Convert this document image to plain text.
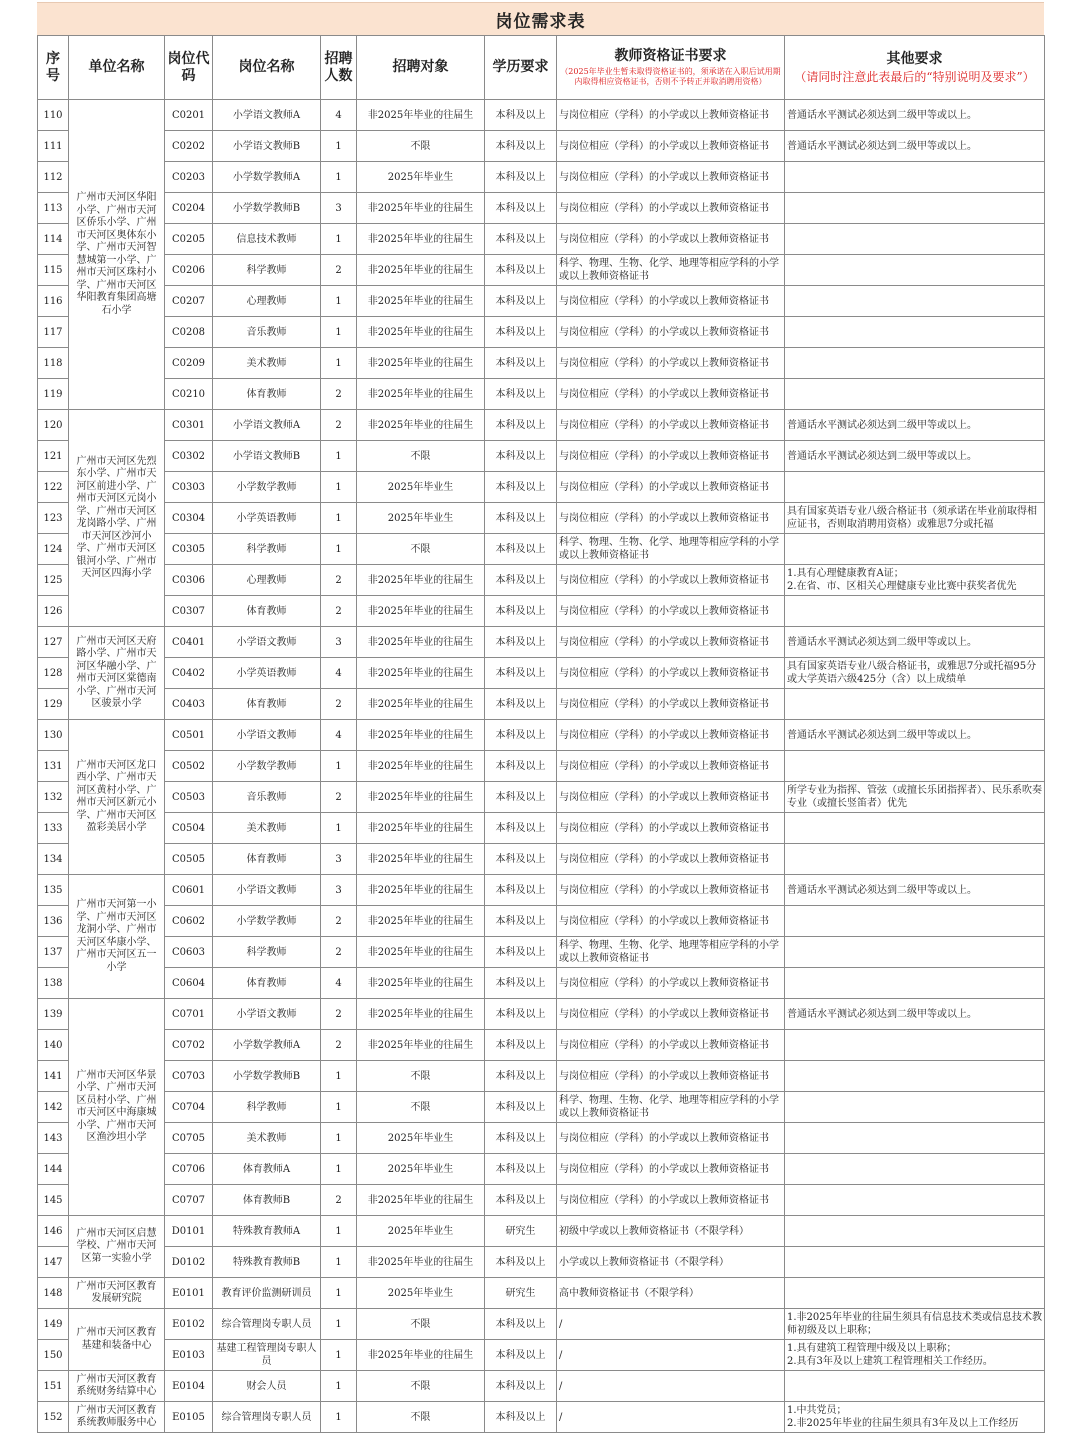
岗位需求表
序号	单位名称	岗位代码	岗位名称	招聘人数	招聘对象	学历要求	教师资格证书要求
（2025年毕业生暂未取得资格证书的，须承诺在入职后试用期内取得相应资格证书，否则不予转正并取消聘用资格）	其他要求
（请同时注意此表最后的“特别说明及要求”）

110	广州市天河区华阳小学、广州市天河区侨乐小学、广州市天河区奥体东小学、广州市天河智慧城第一小学、广州市天河区珠村小学、广州市天河区华阳教育集团高塘石小学	C0201	小学语文教师A	4	非2025年毕业的往届生	本科及以上	与岗位相应（学科）的小学或以上教师资格证书	普通话水平测试必须达到二级甲等或以上。
111		C0202	小学语文教师B	1	不限	本科及以上	与岗位相应（学科）的小学或以上教师资格证书	普通话水平测试必须达到二级甲等或以上。
112		C0203	小学数学教师A	1	2025年毕业生	本科及以上	与岗位相应（学科）的小学或以上教师资格证书	
113		C0204	小学数学教师B	3	非2025年毕业的往届生	本科及以上	与岗位相应（学科）的小学或以上教师资格证书	
114		C0205	信息技术教师	1	非2025年毕业的往届生	本科及以上	与岗位相应（学科）的小学或以上教师资格证书	
115		C0206	科学教师	2	非2025年毕业的往届生	本科及以上	科学、物理、生物、化学、地理等相应学科的小学或以上教师资格证书	
116		C0207	心理教师	1	非2025年毕业的往届生	本科及以上	与岗位相应（学科）的小学或以上教师资格证书	
117		C0208	音乐教师	1	非2025年毕业的往届生	本科及以上	与岗位相应（学科）的小学或以上教师资格证书	
118		C0209	美术教师	1	非2025年毕业的往届生	本科及以上	与岗位相应（学科）的小学或以上教师资格证书	
119		C0210	体育教师	2	非2025年毕业的往届生	本科及以上	与岗位相应（学科）的小学或以上教师资格证书	
120	广州市天河区先烈东小学、广州市天河区前进小学、广州市天河区元岗小学、广州市天河区龙岗路小学、广州市天河区沙河小学、广州市天河区银河小学、广州市天河区四海小学	C0301	小学语文教师A	2	非2025年毕业的往届生	本科及以上	与岗位相应（学科）的小学或以上教师资格证书	普通话水平测试必须达到二级甲等或以上。
121		C0302	小学语文教师B	1	不限	本科及以上	与岗位相应（学科）的小学或以上教师资格证书	普通话水平测试必须达到二级甲等或以上。
122		C0303	小学数学教师	1	2025年毕业生	本科及以上	与岗位相应（学科）的小学或以上教师资格证书	
123		C0304	小学英语教师	1	2025年毕业生	本科及以上	与岗位相应（学科）的小学或以上教师资格证书	具有国家英语专业八级合格证书（须承诺在毕业前取得相应证书，否则取消聘用资格）或雅思7分或托福
124		C0305	科学教师	1	不限	本科及以上	科学、物理、生物、化学、地理等相应学科的小学或以上教师资格证书	
125		C0306	心理教师	2	非2025年毕业的往届生	本科及以上	与岗位相应（学科）的小学或以上教师资格证书	1.具有心理健康教育A证；
2.在省、市、区相关心理健康专业比赛中获奖者优先
126		C0307	体育教师	2	非2025年毕业的往届生	本科及以上	与岗位相应（学科）的小学或以上教师资格证书	
127	广州市天河区天府路小学、广州市天河区华融小学、广州市天河区棠德南小学、广州市天河区骏景小学	C0401	小学语文教师	3	非2025年毕业的往届生	本科及以上	与岗位相应（学科）的小学或以上教师资格证书	普通话水平测试必须达到二级甲等或以上。
128		C0402	小学英语教师	4	非2025年毕业的往届生	本科及以上	与岗位相应（学科）的小学或以上教师资格证书	具有国家英语专业八级合格证书，或雅思7分或托福95分或大学英语六级425分（含）以上成绩单
129		C0403	体育教师	2	非2025年毕业的往届生	本科及以上	与岗位相应（学科）的小学或以上教师资格证书	
130	广州市天河区龙口西小学、广州市天河区黄村小学、广州市天河区新元小学、广州市天河区盈彩美居小学	C0501	小学语文教师	4	非2025年毕业的往届生	本科及以上	与岗位相应（学科）的小学或以上教师资格证书	普通话水平测试必须达到二级甲等或以上。
131		C0502	小学数学教师	1	非2025年毕业的往届生	本科及以上	与岗位相应（学科）的小学或以上教师资格证书	
132		C0503	音乐教师	2	非2025年毕业的往届生	本科及以上	与岗位相应（学科）的小学或以上教师资格证书	所学专业为指挥、管弦（或擅长乐团指挥者）、民乐系吹奏专业（或擅长竖笛者）优先
133		C0504	美术教师	1	非2025年毕业的往届生	本科及以上	与岗位相应（学科）的小学或以上教师资格证书	
134		C0505	体育教师	3	非2025年毕业的往届生	本科及以上	与岗位相应（学科）的小学或以上教师资格证书	
135	广州市天河第一小学、广州市天河区龙洞小学、广州市天河区华康小学、广州市天河区五一小学	C0601	小学语文教师	3	非2025年毕业的往届生	本科及以上	与岗位相应（学科）的小学或以上教师资格证书	普通话水平测试必须达到二级甲等或以上。
136		C0602	小学数学教师	2	非2025年毕业的往届生	本科及以上	与岗位相应（学科）的小学或以上教师资格证书	
137		C0603	科学教师	2	非2025年毕业的往届生	本科及以上	科学、物理、生物、化学、地理等相应学科的小学或以上教师资格证书	
138		C0604	体育教师	4	非2025年毕业的往届生	本科及以上	与岗位相应（学科）的小学或以上教师资格证书	
139	广州市天河区华景小学、广州市天河区员村小学、广州市天河区中海康城小学、广州市天河区渔沙坦小学	C0701	小学语文教师	2	非2025年毕业的往届生	本科及以上	与岗位相应（学科）的小学或以上教师资格证书	普通话水平测试必须达到二级甲等或以上。
140		C0702	小学数学教师A	2	非2025年毕业的往届生	本科及以上	与岗位相应（学科）的小学或以上教师资格证书	
141		C0703	小学数学教师B	1	不限	本科及以上	与岗位相应（学科）的小学或以上教师资格证书	
142		C0704	科学教师	1	不限	本科及以上	科学、物理、生物、化学、地理等相应学科的小学或以上教师资格证书	
143		C0705	美术教师	1	2025年毕业生	本科及以上	与岗位相应（学科）的小学或以上教师资格证书	
144		C0706	体育教师A	1	2025年毕业生	本科及以上	与岗位相应（学科）的小学或以上教师资格证书	
145		C0707	体育教师B	2	非2025年毕业的往届生	本科及以上	与岗位相应（学科）的小学或以上教师资格证书	
146	广州市天河区启慧学校、广州市天河区第一实验小学	D0101	特殊教育教师A	1	2025年毕业生	研究生	初级中学或以上教师资格证书（不限学科）	
147		D0102	特殊教育教师B	1	非2025年毕业的往届生	本科及以上	小学或以上教师资格证书（不限学科）	
148	广州市天河区教育发展研究院	E0101	教育评价监测研训员	1	2025年毕业生	研究生	高中教师资格证书（不限学科）	
149	广州市天河区教育基建和装备中心	E0102	综合管理岗专职人员	1	不限	本科及以上	/	1.非2025年毕业的往届生须具有信息技术类或信息技术教师初级及以上职称；
150		E0103	基建工程管理岗专职人员	1	非2025年毕业的往届生	本科及以上	/	1.具有建筑工程管理中级及以上职称；
2.具有3年及以上建筑工程管理相关工作经历。
151	广州市天河区教育系统财务结算中心	E0104	财会人员	1	不限	本科及以上	/	
152	广州市天河区教育系统教师服务中心	E0105	综合管理岗专职人员	1	不限	本科及以上	/	1.中共党员；
2.非2025年毕业的往届生须具有3年及以上工作经历
